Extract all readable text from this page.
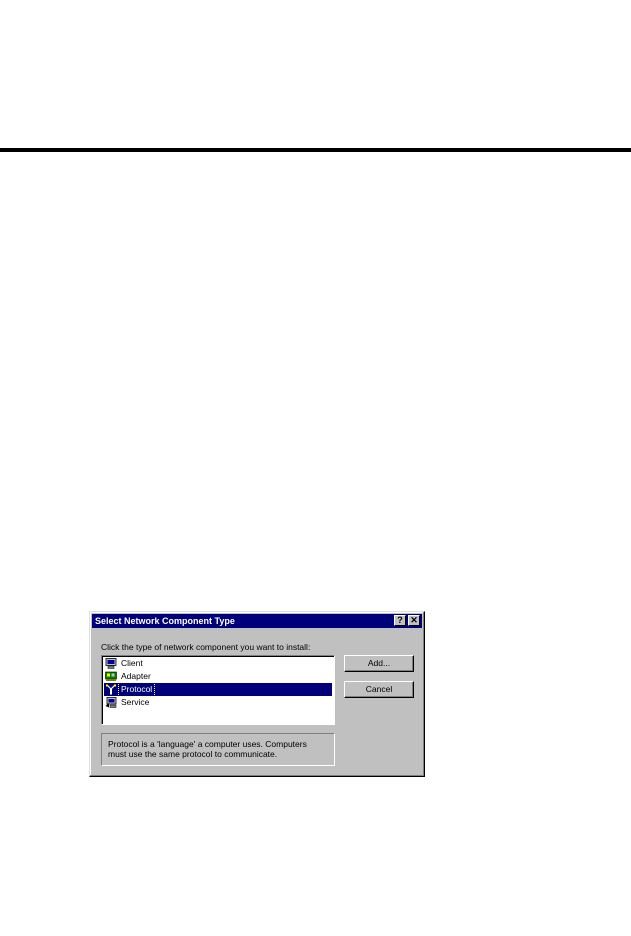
Select Network Component Type	? ✕
Click the type of network component you want to install:
Client
Adapter
Protocol
Service
Add...
Cancel
Protocol is a 'language' a computer uses. Computers
must use the same protocol to communicate.
